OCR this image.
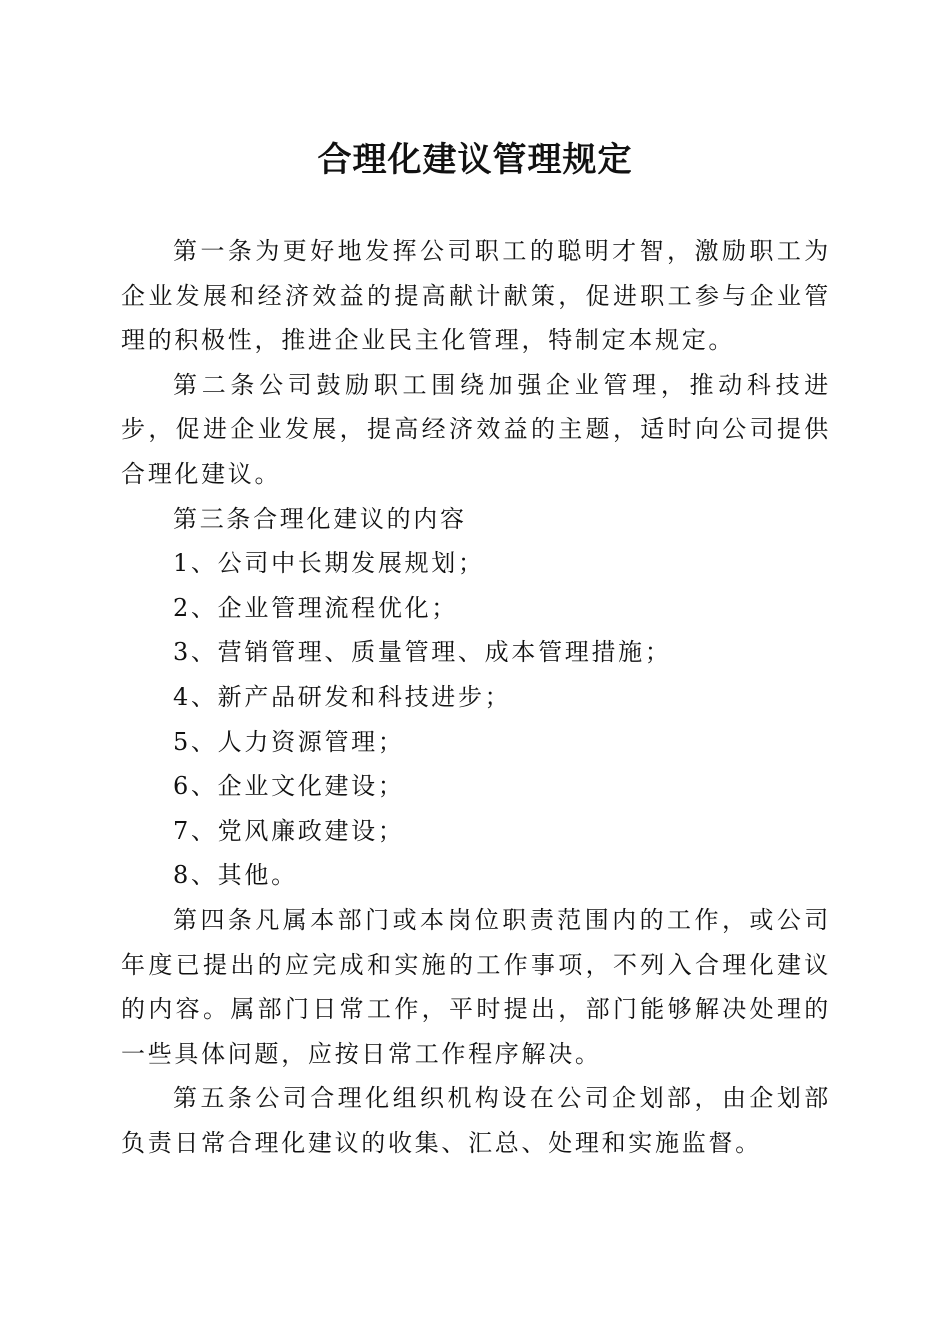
合理化建议管理规定

第一条为更好地发挥公司职工的聪明才智，激励职工为企业发展和经济效益的提高献计献策，促进职工参与企业管理的积极性，推进企业民主化管理，特制定本规定。

第二条公司鼓励职工围绕加强企业管理，推动科技进步，促进企业发展，提高经济效益的主题，适时向公司提供合理化建议。

第三条合理化建议的内容

1、公司中长期发展规划；

2、企业管理流程优化；

3、营销管理、质量管理、成本管理措施；

4、新产品研发和科技进步；

5、人力资源管理；

6、企业文化建设；

7、党风廉政建设；

8、其他。

第四条凡属本部门或本岗位职责范围内的工作，或公司年度已提出的应完成和实施的工作事项，不列入合理化建议的内容。属部门日常工作，平时提出，部门能够解决处理的一些具体问题，应按日常工作程序解决。

第五条公司合理化组织机构设在公司企划部，由企划部负责日常合理化建议的收集、汇总、处理和实施监督。
